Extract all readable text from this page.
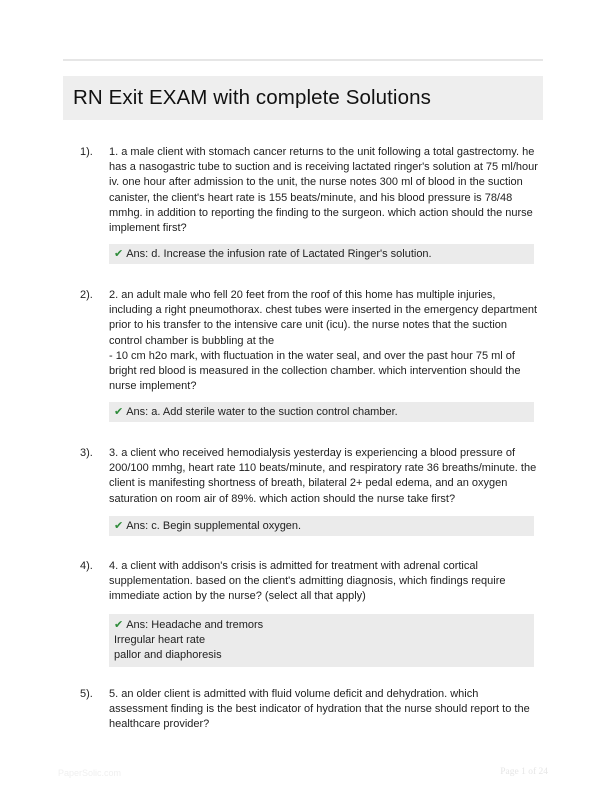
RN Exit EXAM with complete Solutions
1). 1. a male client with stomach cancer returns to the unit following a total gastrectomy. he has a nasogastric tube to suction and is receiving lactated ringer's solution at 75 ml/hour iv. one hour after admission to the unit, the nurse notes 300 ml of blood in the suction canister, the client's heart rate is 155 beats/minute, and his blood pressure is 78/48 mmhg. in addition to reporting the finding to the surgeon. which action should the nurse implement first?
✔ Ans: d. Increase the infusion rate of Lactated Ringer's solution.
2). 2. an adult male who fell 20 feet from the roof of this home has multiple injuries, including a right pneumothorax. chest tubes were inserted in the emergency department prior to his transfer to the intensive care unit (icu). the nurse notes that the suction control chamber is bubbling at the
- 10 cm h2o mark, with fluctuation in the water seal, and over the past hour 75 ml of bright red blood is measured in the collection chamber. which intervention should the nurse implement?
✔ Ans: a. Add sterile water to the suction control chamber.
3). 3. a client who received hemodialysis yesterday is experiencing a blood pressure of 200/100 mmhg, heart rate 110 beats/minute, and respiratory rate 36 breaths/minute. the client is manifesting shortness of breath, bilateral 2+ pedal edema, and an oxygen saturation on room air of 89%. which action should the nurse take first?
✔ Ans: c. Begin supplemental oxygen.
4). 4. a client with addison's crisis is admitted for treatment with adrenal cortical supplementation. based on the client's admitting diagnosis, which findings require immediate action by the nurse? (select all that apply)
✔ Ans: Headache and tremors
Irregular heart rate
pallor and diaphoresis
5). 5. an older client is admitted with fluid volume deficit and dehydration. which assessment finding is the best indicator of hydration that the nurse should report to the healthcare provider?
PaperSolic.com	Page 1 of 24
